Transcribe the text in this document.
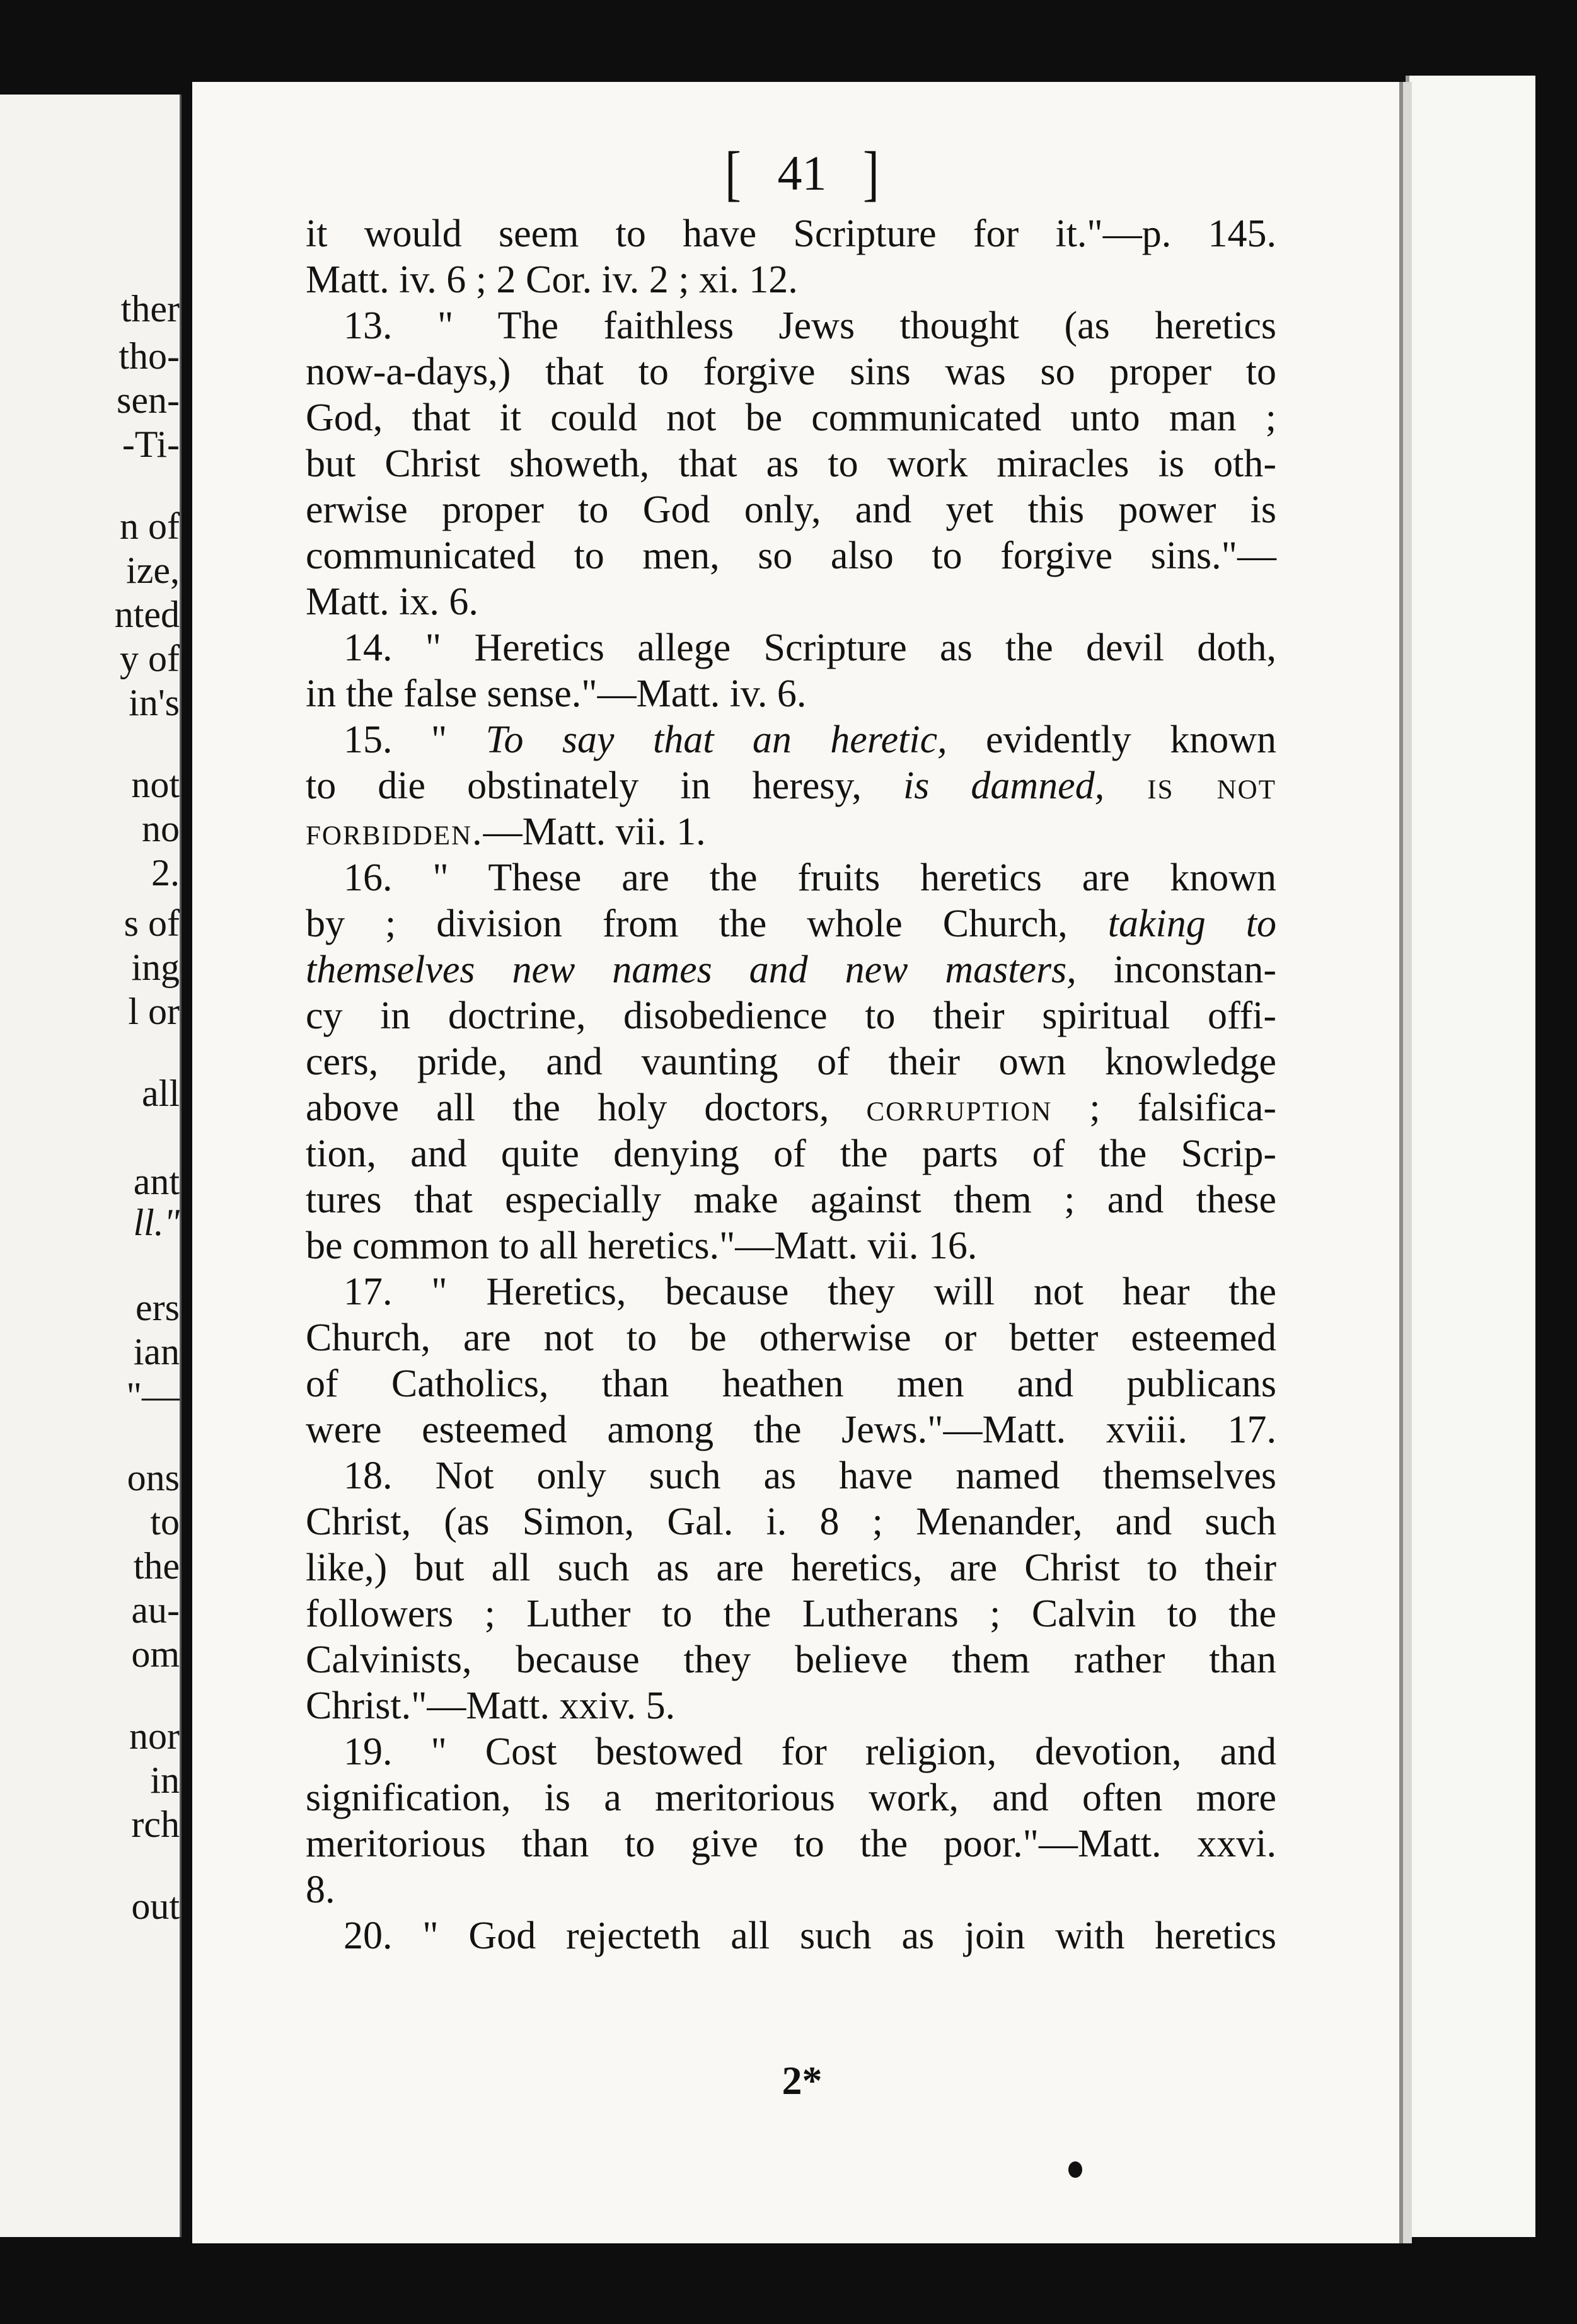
ther
tho-
sen-
-Ti-
n of
ize,
nted
y of
in's
not
no
2.
s of
ing
l or
all
ant
ll."
ers
ian
"—
ons
to
the
au-
om
nor
in
rch
out
[ 41 ]
it would seem to have Scripture for it."—p. 145.
Matt. iv. 6 ; 2 Cor. iv. 2 ; xi. 12.
13. " The faithless Jews thought (as heretics
now-a-days,) that to forgive sins was so proper to
God, that it could not be communicated unto man ;
but Christ showeth, that as to work miracles is oth-
erwise proper to God only, and yet this power is
communicated to men, so also to forgive sins."—
Matt. ix. 6.
14. " Heretics allege Scripture as the devil doth,
in the false sense."—Matt. iv. 6.
15. " To say that an heretic, evidently known
to die obstinately in heresy, is damned, is not
forbidden.—Matt. vii. 1.
16. " These are the fruits heretics are known
by ; division from the whole Church, taking to
themselves new names and new masters, inconstan-
cy in doctrine, disobedience to their spiritual offi-
cers, pride, and vaunting of their own knowledge
above all the holy doctors, corruption ; falsifica-
tion, and quite denying of the parts of the Scrip-
tures that especially make against them ; and these
be common to all heretics."—Matt. vii. 16.
17. " Heretics, because they will not hear the
Church, are not to be otherwise or better esteemed
of Catholics, than heathen men and publicans
were esteemed among the Jews."—Matt. xviii. 17.
18. Not only such as have named themselves
Christ, (as Simon, Gal. i. 8 ; Menander, and such
like,) but all such as are heretics, are Christ to their
followers ; Luther to the Lutherans ; Calvin to the
Calvinists, because they believe them rather than
Christ."—Matt. xxiv. 5.
19. " Cost bestowed for religion, devotion, and
signification, is a meritorious work, and often more
meritorious than to give to the poor."—Matt. xxvi.
8.
20. " God rejecteth all such as join with heretics
2*
